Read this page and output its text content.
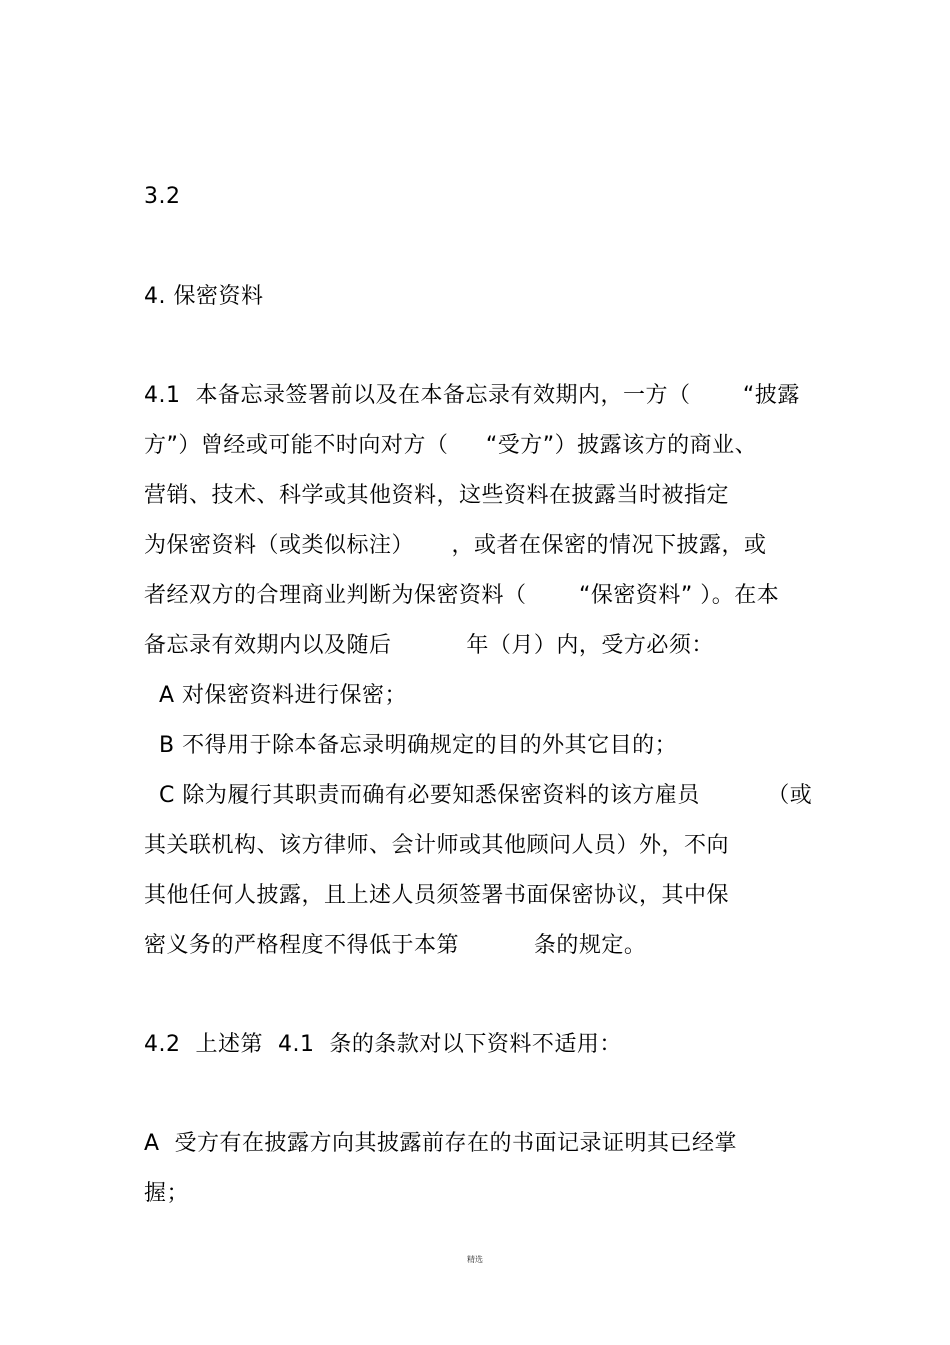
3.2
4. 保密资料
4.1  本备忘录签署前以及在本备忘录有效期内，一方（       “披露
方”）曾经或可能不时向对方（     “受方”）披露该方的商业、
营销、技术、科学或其他资料，这些资料在披露当时被指定
为保密资料（或类似标注）     ，或者在保密的情况下披露，或
者经双方的合理商业判断为保密资料（       “保密资料” ）。在本
备忘录有效期内以及随后          年（月）内，受方必须：
A 对保密资料进行保密；
B 不得用于除本备忘录明确规定的目的外其它目的；
C 除为履行其职责而确有必要知悉保密资料的该方雇员         （或
其关联机构、该方律师、会计师或其他顾问人员）外，不向
其他任何人披露，且上述人员须签署书面保密协议，其中保
密义务的严格程度不得低于本第          条的规定。
4.2  上述第  4.1  条的条款对以下资料不适用：
A  受方有在披露方向其披露前存在的书面记录证明其已经掌
握；
精选
